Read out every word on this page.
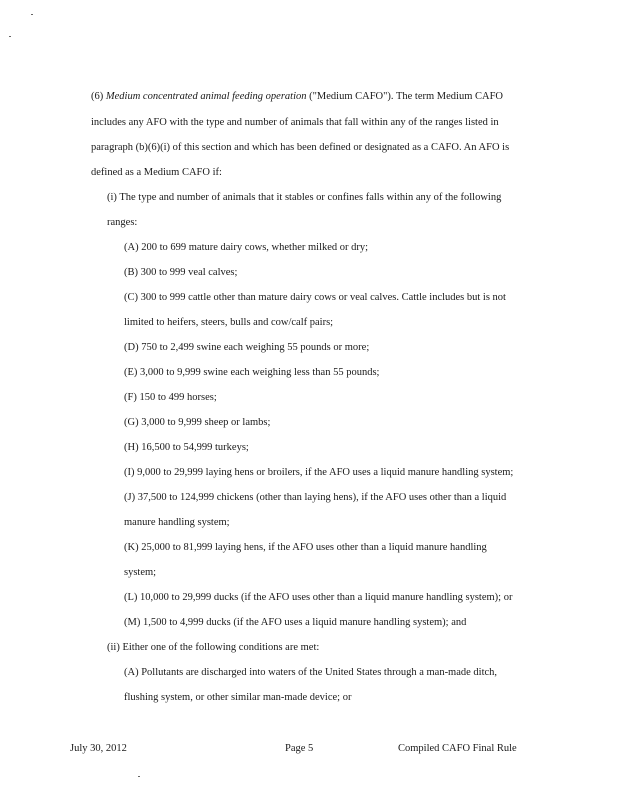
(6) Medium concentrated animal feeding operation ("Medium CAFO"). The term Medium CAFO
includes any AFO with the type and number of animals that fall within any of the ranges listed in
paragraph (b)(6)(i) of this section and which has been defined or designated as a CAFO. An AFO is
defined as a Medium CAFO if:
(i) The type and number of animals that it stables or confines falls within any of the following
ranges:
(A) 200 to 699 mature dairy cows, whether milked or dry;
(B) 300 to 999 veal calves;
(C) 300 to 999 cattle other than mature dairy cows or veal calves. Cattle includes but is not
limited to heifers, steers, bulls and cow/calf pairs;
(D) 750 to 2,499 swine each weighing 55 pounds or more;
(E) 3,000 to 9,999 swine each weighing less than 55 pounds;
(F) 150 to 499 horses;
(G) 3,000 to 9,999 sheep or lambs;
(H) 16,500 to 54,999 turkeys;
(I) 9,000 to 29,999 laying hens or broilers, if the AFO uses a liquid manure handling system;
(J) 37,500 to 124,999 chickens (other than laying hens), if the AFO uses other than a liquid
manure handling system;
(K) 25,000 to 81,999 laying hens, if the AFO uses other than a liquid manure handling
system;
(L) 10,000 to 29,999 ducks (if the AFO uses other than a liquid manure handling system); or
(M) 1,500 to 4,999 ducks (if the AFO uses a liquid manure handling system); and
(ii) Either one of the following conditions are met:
(A) Pollutants are discharged into waters of the United States through a man-made ditch,
flushing system, or other similar man-made device; or
July 30, 2012	Page 5	Compiled CAFO Final Rule
